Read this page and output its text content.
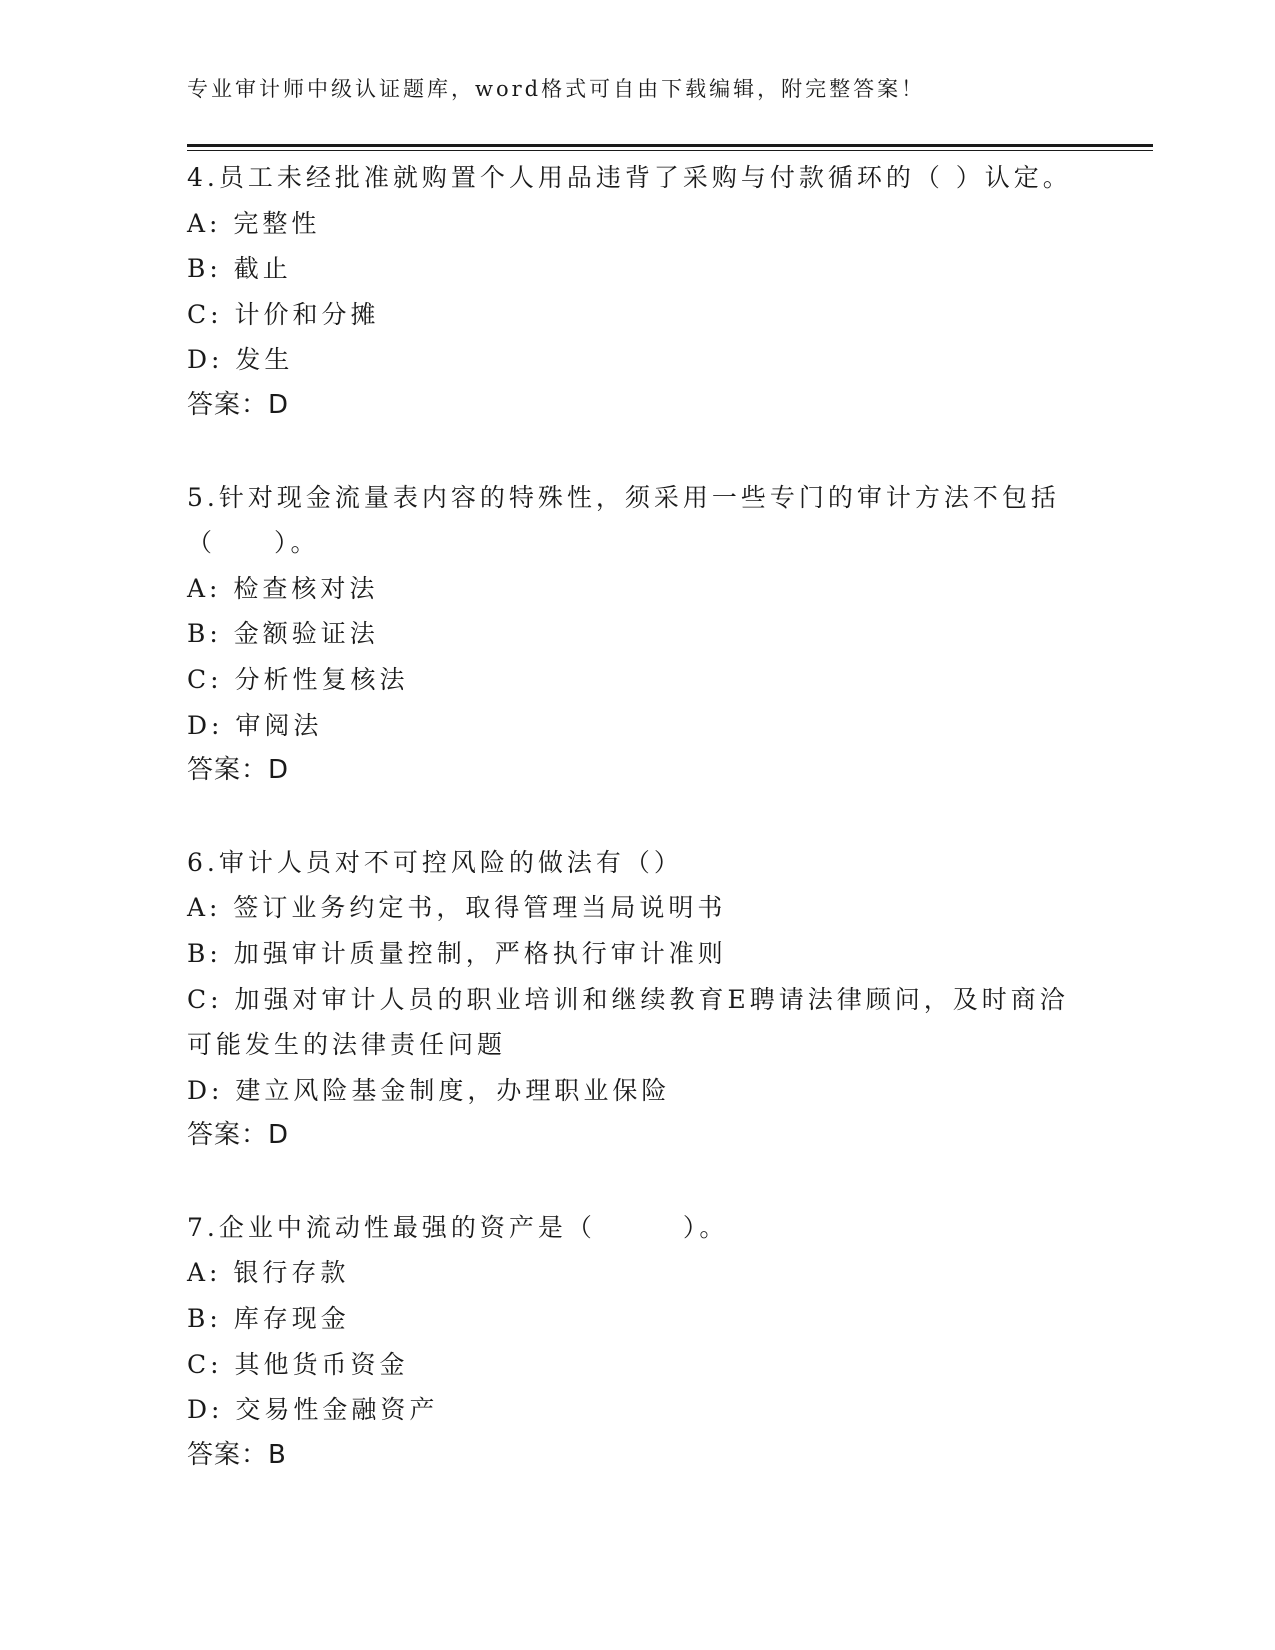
专业审计师中级认证题库，word格式可自由下载编辑，附完整答案！
4.员工未经批准就购置个人用品违背了采购与付款循环的（ ）认定。
A: 完整性
B: 截止
C: 计价和分摊
D: 发生
答案：D
5.针对现金流量表内容的特殊性，须采用一些专门的审计方法不包括（　　）。
A: 检查核对法
B: 金额验证法
C: 分析性复核法
D: 审阅法
答案：D
6.审计人员对不可控风险的做法有（）
A: 签订业务约定书，取得管理当局说明书
B: 加强审计质量控制，严格执行审计准则
C: 加强对审计人员的职业培训和继续教育E聘请法律顾问，及时商洽可能发生的法律责任问题
D: 建立风险基金制度，办理职业保险
答案：D
7.企业中流动性最强的资产是（　　　）。
A: 银行存款
B: 库存现金
C: 其他货币资金
D: 交易性金融资产
答案：B
